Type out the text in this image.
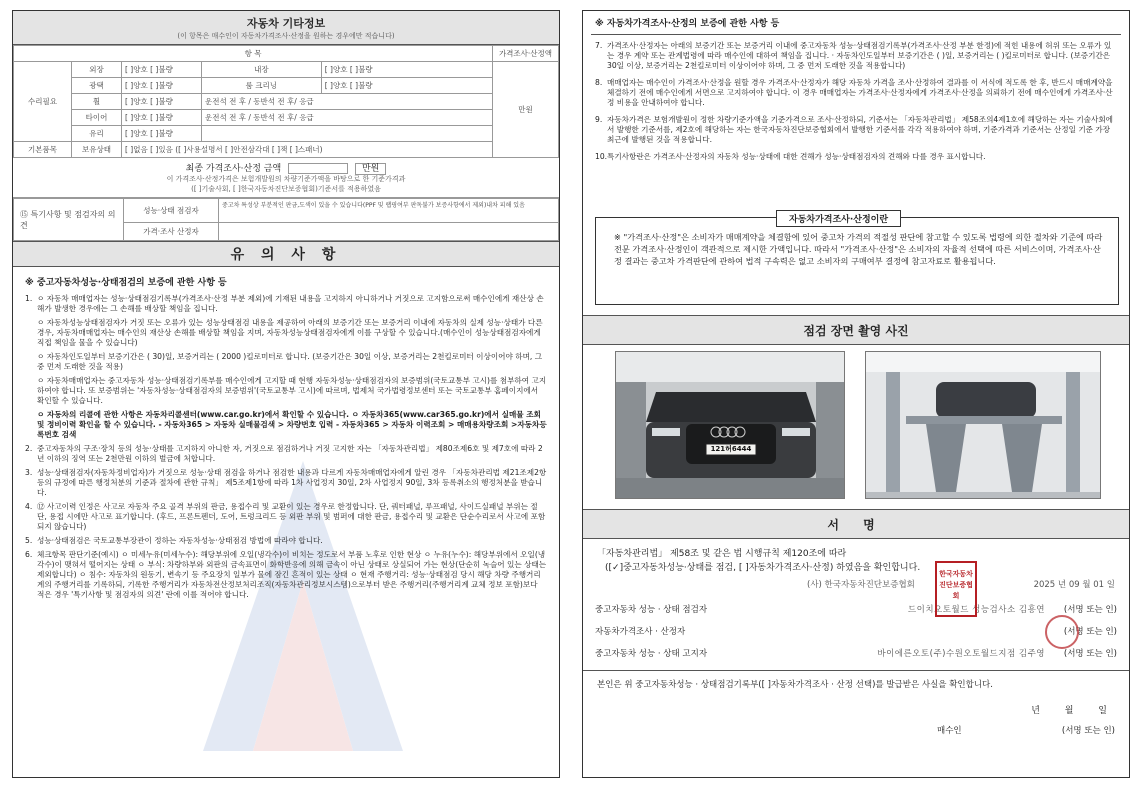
자동차 기타정보
(이 항목은 매수인이 자동차가격조사·산정을 원하는 경우에만 적습니다)
항 목					가격조사·산정액
수리필요	외장	[ ]양호 [ ]불량	내장	[ ]양호 [ ]불량	만원
	광택	[ ]양호 [ ]불량	룸 크리닝	[ ]양호 [ ]불량	
	휠	[ ]양호 [ ]불량	운전석 전 후 / 동반석 전 후/ 응급		
	타이어	[ ]양호 [ ]불량	운전석 전 후 / 동반석 전 후/ 응급		
	유리	[ ]양호 [ ]불량			
기본품목	보유상태	[ ]없음 [ ]있음 ([ ]사용설명서 [ ]안전삼각대 [ ]잭 [ ]스패너)			
최종 가격조사·산정 금액	만원
이 가격조사·산정가격은 보험개발원의 차량기준가액을 바탕으로 한 기준가격과
([ ]기술사회, [ ]한국자동차진단보증협회)기준서를 적용하였음
⑮ 특기사항 및 점검자의 의견	성능·상태 점검자	중고차 특성상 부분적인 판금,도색이 있을 수 있습니다(PPF 및 랩핑여부 판독불가 보증사항에서 제외)내차 피해 있음
	가격·조사 산정자	
유 의 사 항
※ 중고자동차성능·상태점검의 보증에 관한 사항 등
1. ㅇ 자동차 매매업자는 성능·상태점검기록부(가격조사·산정 부분 제외)에 기재된 내용을 고지하지 아니하거나 거짓으로 고지함으로써 매수인에게 재산상 손해가 발생한 경우에는 그 손해를 배상할 책임을 집니다.
ㅇ 자동차성능상태점검자가 거짓 또는 오류가 있는 성능상태점검 내용을 제공하여 아래의 보증기간 또는 보증거리 이내에 자동차의 실제 성능·상태가 다른 경우, 자동차매매업자는 매수인의 재산상 손해를 배상할 책임을 지며, 자동차성능상태점검자에게 이를 구상할 수 있습니다.(매수인이 성능상태점검자에게 직접 책임을 물을 수 있습니다)
ㅇ 자동차인도일부터 보증기간은 ( 30)일, 보증거리는 ( 2000 )킬로미터로 합니다. (보증기간은 30일 이상, 보증거리는 2천킬로미터 이상이어야 하며, 그 중 먼저 도래한 것을 적용)
ㅇ 자동차매매업자는 중고자동차 성능·상태점검기록부를 매수인에게 고지할 때 현행 자동차성능·상태점검자의 보증범위(국토교통부 고시)를 첨부하여 고지하여야 합니다. 또 보증범위는 '자동차성능·상태점검자의 보증범위'(국토교통부 고시)에 따르며, 법제처 국가법령정보센터 또는 국토교통부 홈페이지에서 확인할 수 있습니다.
ㅇ 자동차의 리콜에 관한 사항은 자동차리콜센터(www.car.go.kr)에서 확인할 수 있습니다. ㅇ 자동차365(www.car365.go.kr)에서 실매물 조회 및 정비이력 확인을 할 수 있습니다. - 자동차365 > 자동차 실매물검색 > 차량번호 입력 - 자동차365 > 자동차 이력조회 > 매매용차량조회 >자동차등록번호 검색
2. 중고자동차의 구조·장치 등의 성능·상태를 고지하지 아니한 자, 거짓으로 점검하거나 거짓 고지한 자는 「자동차관리법」 제80조제6호 및 제7호에 따라 2년 이하의 징역 또는 2천만원 이하의 벌금에 처합니다.
3. 성능·상태점검자(자동차정비업자)가 거짓으로 성능·상태 점검을 하거나 점검한 내용과 다르게 자동차매매업자에게 알린 경우 「자동차관리법 제21조제2항 등의 규정에 따른 행정처분의 기준과 절차에 관한 규칙」 제5조제1항에 따라 1차 사업정지 30일, 2차 사업정지 90일, 3차 등록취소의 행정처분을 받습니다.
4. ⑫ 사고이력 인정은 사고로 자동차 주요 골격 부위의 판금, 용접수리 및 교환이 있는 경우로 한정합니다. 단, 쿼터패널, 루프패널, 사이드실패널 부위는 절단, 용접 시에만 사고로 표기합니다. (후드, 프론트펜더, 도어, 트렁크리드 등 외판 부위 및 범퍼에 대한 판금, 용접수리 및 교환은 단순수리로서 사고에 포함되지 않습니다)
5. 성능·상태점검은 국토교통부장관이 정하는 자동차성능·상태점검 방법에 따라야 합니다.
6. 체크항목 판단기준(예시) ㅇ 미세누유(미세누수): 해당부위에 오일(냉각수)이 비치는 정도로서 부품 노후로 인한 현상 ㅇ 누유(누수): 해당부위에서 오일(냉각수)이 맺혀서 떨어지는 상태 ㅇ 부식: 차량하부와 외판의 금속표면이 화학반응에 의해 금속이 아닌 상태로 상실되어 가는 현상(단순히 녹슬어 있는 상태는 제외합니다) ㅇ 침수: 자동차의 원동기, 변속기 등 주요장치 일부가 물에 잠긴 흔적이 있는 상태 ㅇ 현재 주행거리: 성능·상태점검 당시 해당 차량 주행거리계의 주행거리를 기록하되, 기록한 주행거리가 자동차전산정보처리조직(자동차관리정보시스템)으로부터 받은 주행거리(주행거리계 교체 정보 포함)보다 적은 경우 '특기사항 및 점검자의 의견' 란에 이를 적어야 합니다.
※ 자동차가격조사·산정의 보증에 관한 사항 등
7. 가격조사·산정자는 아래의 보증기간 또는 보증거리 이내에 중고자동차 성능·상태점검기록부(가격조사·산정 부분 한정)에 적힌 내용에 허위 또는 오류가 있는 경우 계약 또는 관계법령에 따라 매수인에 대하여 책임을 집니다. · 자동차인도일부터 보증기간은 ( )일, 보증거리는 ( )킬로미터로 합니다. (보증기간은 30일 이상, 보증거리는 2천킬로미터 이상이어야 하며, 그 중 먼저 도래한 것을 적용합니다)
8. 매매업자는 매수인이 가격조사·산정을 원할 경우 가격조사·산정자가 해당 자동차 가격을 조사·산정하여 결과를 이 서식에 적도록 한 후, 반드시 매매계약을 체결하기 전에 매수인에게 서면으로 고지하여야 합니다. 이 경우 매매업자는 가격조사·산정자에게 가격조사·산정을 의뢰하기 전에 매수인에게 가격조사·산정 비용을 안내하여야 합니다.
9. 자동차가격은 보험개발원이 정한 차량기준가액을 기준가격으로 조사·산정하되, 기준서는 「자동차관리법」 제58조의4제1호에 해당하는 자는 기술사회에서 발행한 기준서를, 제2호에 해당하는 자는 한국자동차진단보증협회에서 발행한 기준서를 각각 적용하여야 하며, 기준가격과 기준서는 산정일 기준 가장 최근에 발행된 것을 적용합니다.
10. 특기사항란은 가격조사·산정자의 자동차 성능·상태에 대한 견해가 성능·상태점검자의 견해와 다를 경우 표시합니다.
자동차가격조사·산정이란
※ "가격조사·산정"은 소비자가 매매계약을 체결함에 있어 중고차 가격의 적절성 판단에 참고할 수 있도록 법령에 의한 절차와 기준에 따라 전문 가격조사·산정인이 객관적으로 제시한 가액입니다. 따라서 "가격조사·산정"은 소비자의 자율적 선택에 따른 서비스이며, 가격조사·산정 결과는 중고차 가격판단에 관하여 법적 구속력은 없고 소비자의 구매여부 결정에 참고자료로 활용됩니다.
점검 장면 촬영 사진
121허6444
서 명
「자동차관리법」 제58조 및 같은 법 시행규칙 제120조에 따라
([✓]중고자동차성능·상태를 점검, [ ]자동차가격조사·산정) 하였음을 확인합니다.
(사) 한국자동차진단보증협회	2025 년 09 월 01 일
중고자동차 성능 · 상태 점검자	드이치오토월드 성능검사소 김흥연	(서명 또는 인)
자동차가격조사 · 산정자	(서명 또는 인)
중고자동차 성능 · 상태 고지자	바이에른오토(주)수원오토월드지점 김주영	(서명 또는 인)
본인은 위 중고자동차성능 · 상태점검기록부([ ]자동차가격조사 · 산정 선택)를 발급받은 사실을 확인합니다.
년 월 일
매수인	(서명 또는 인)
한국자동차진단보증협회
